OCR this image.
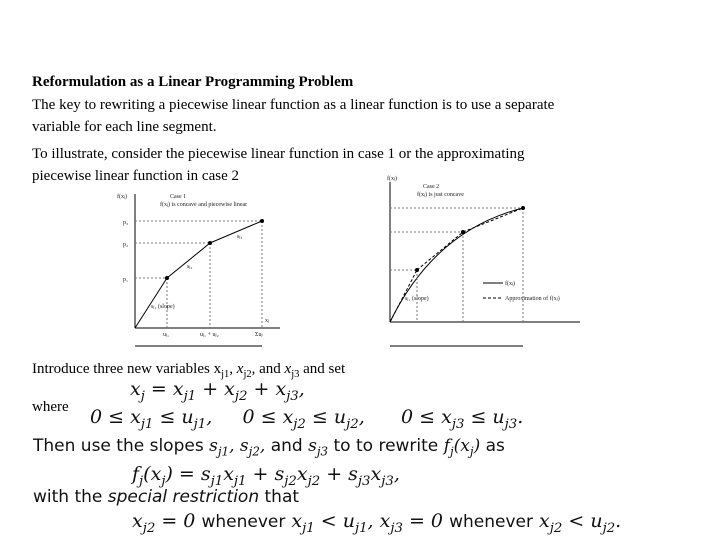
Reformulation as a Linear Programming Problem
The key to rewriting a piecewise linear function as a linear function is to use a separate
variable for each line segment.
To illustrate, consider the piecewise linear function in case 1 or the approximating
piecewise linear function in case 2
f(xⱼ)	Case 1
f(xⱼ) is concave and piecewise linear
p₁
p₂
p₃
sⱼ₁ (slope)
sⱼ₂
sⱼ₃
xⱼ
uⱼ₁	uⱼ₁ + uⱼ₂	Σuⱼ
f(xⱼ)
Case 2
f(xⱼ) is just concave
f(xⱼ)
Approximation of f(xⱼ)
sⱼ₁ (slope)
Introduce three new variables $x_{j1}$, $x_{j2}$, and $x_{j3}$ and set
$x_j = x_{j1} + x_{j2} + x_{j3}$,
where $0 \le x_{j1} \le u_{j1}$,     $0 \le x_{j2} \le u_{j2}$,      $0 \le x_{j3} \le u_{j3}$.
Then use the slopes $s_{j1}$, $s_{j2}$, and $s_{j3}$ to to rewrite $f_j(x_j)$ as
$f_j(x_j) = s_{j1}x_{j1} + s_{j2}x_{j2} + s_{j3}x_{j3}$,
with the special restriction that
$x_{j2} = 0$ whenever $x_{j1} < u_{j1}$, $x_{j3} = 0$ whenever $x_{j2} < u_{j2}$.
